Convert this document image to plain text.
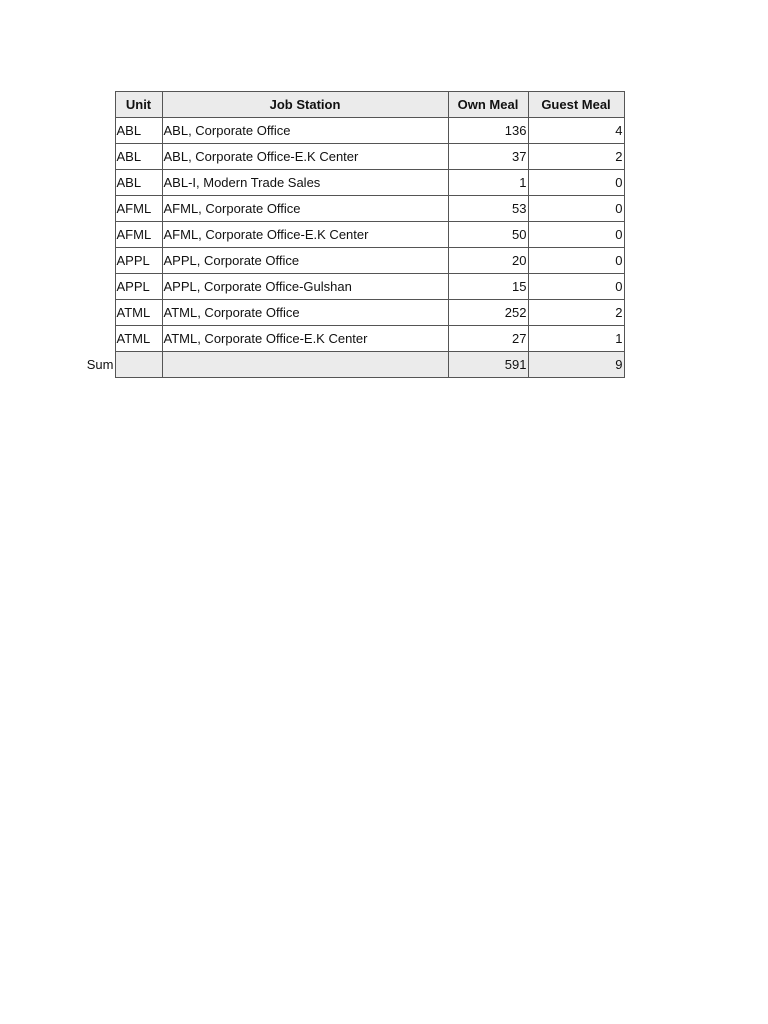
	Unit	Job Station	Own Meal	Guest Meal
	ABL	ABL, Corporate Office	136	4
	ABL	ABL, Corporate Office-E.K Center	37	2
	ABL	ABL-I, Modern Trade Sales	1	0
	AFML	AFML, Corporate Office	53	0
	AFML	AFML, Corporate Office-E.K Center	50	0
	APPL	APPL, Corporate Office	20	0
	APPL	APPL, Corporate Office-Gulshan	15	0
	ATML	ATML, Corporate Office	252	2
	ATML	ATML, Corporate Office-E.K Center	27	1
Sum			591	9
